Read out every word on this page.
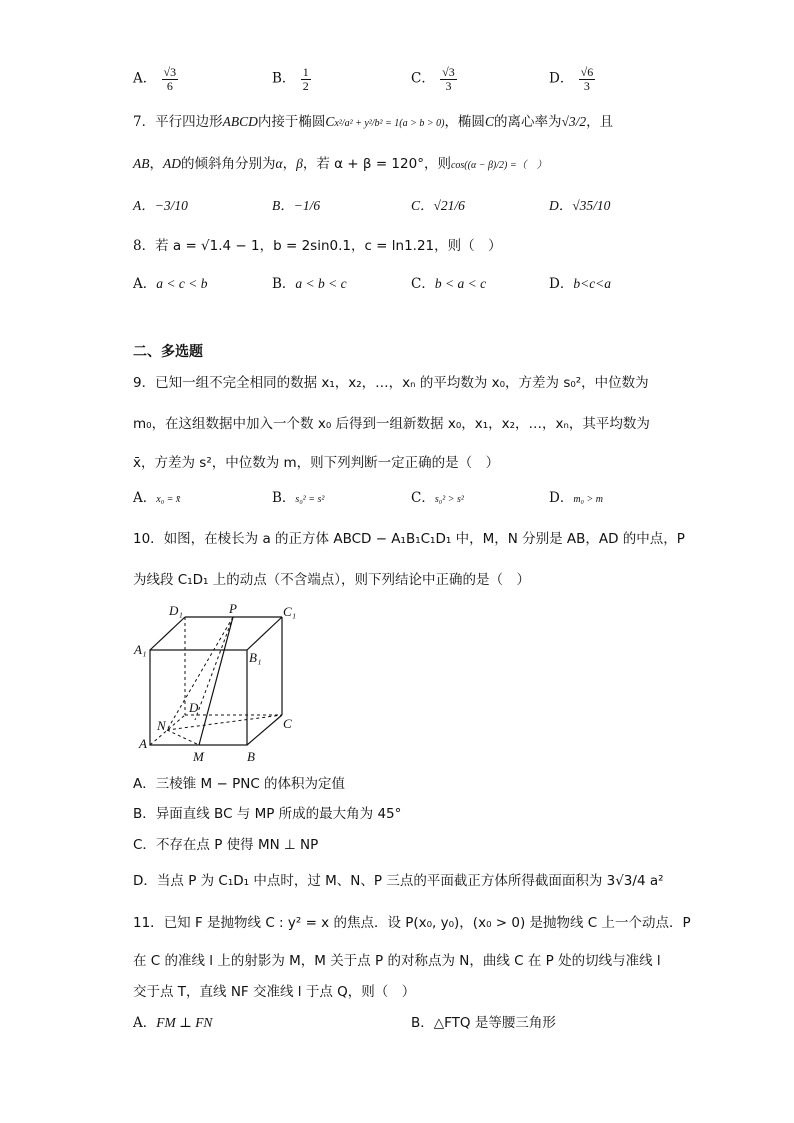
A． $\frac{√3}{6}$	B． $\frac{1}{2}$	C． $\frac{√3}{3}$	D． $\frac{√6}{3}$
7．平行四边形ABCD内接于椭圆Cx²/a² + y²/b² = 1(a > b > 0)，椭圆C的离心率为√3/2，且
AB，AD的倾斜角分别为α，β，若 α + β = 120°，则cos((α − β)/2) =（　）
A．−3/10	B．−1/6	C．√21/6	D．√35/10
8．若 a = √1.4 − 1，b = 2sin0.1，c = ln1.21，则（　）
A．a < c < b	B．a < b < c	C．b < a < c	D．b<c<a
二、多选题
9．已知一组不完全相同的数据 x₁，x₂，…，xₙ 的平均数为 x₀，方差为 s₀²，中位数为
m₀，在这组数据中加入一个数 x₀ 后得到一组新数据 x₀，x₁，x₂，…，xₙ，其平均数为
x̄，方差为 s²，中位数为 m，则下列判断一定正确的是（　）
A．x₀ = x̄	B．s₀² = s²	C．s₀² > s²	D．m₀ > m
10．如图，在棱长为 a 的正方体 ABCD − A₁B₁C₁D₁ 中，M，N 分别是 AB，AD 的中点，P
为线段 C₁D₁ 上的动点（不含端点），则下列结论中正确的是（　）
D₁	P	C₁
A₁
B₁
D
N	C
A
M	B
A．三棱锥 M − PNC 的体积为定值
B．异面直线 BC 与 MP 所成的最大角为 45°
C．不存在点 P 使得 MN ⊥ NP
D．当点 P 为 C₁D₁ 中点时，过 M、N、P 三点的平面截正方体所得截面面积为 3√3/4 a²
11．已知 F 是抛物线 C : y² = x 的焦点．设 P(x₀, y₀)，(x₀ > 0) 是抛物线 C 上一个动点．P
在 C 的准线 l 上的射影为 M，M 关于点 P 的对称点为 N，曲线 C 在 P 处的切线与准线 l
交于点 T，直线 NF 交准线 l 于点 Q，则（　）
A．FM ⊥ FN	B．△FTQ 是等腰三角形
